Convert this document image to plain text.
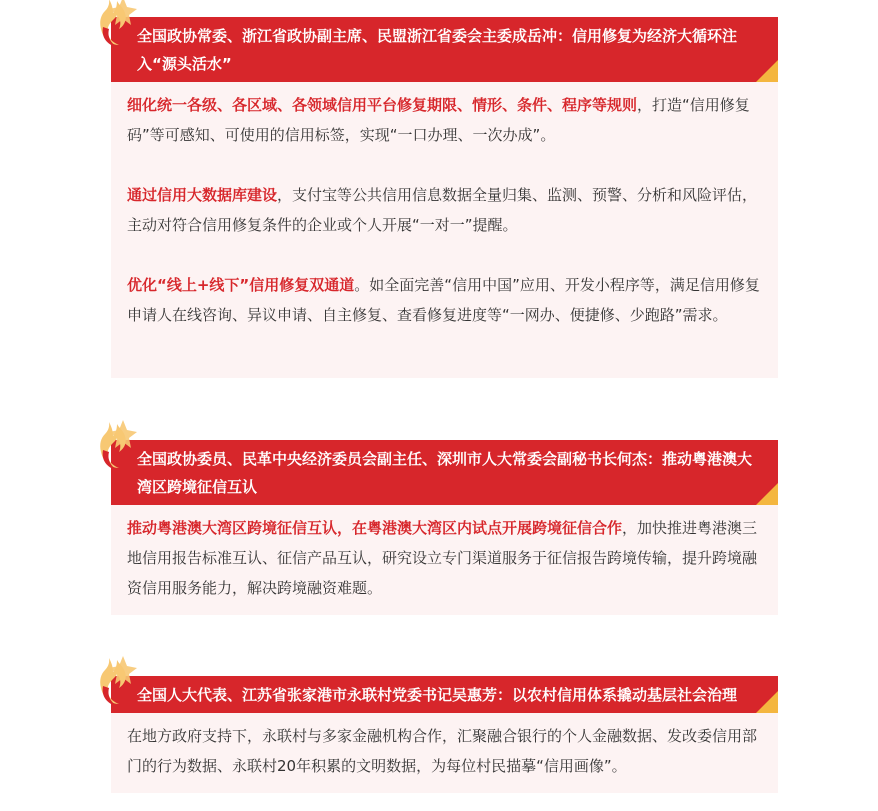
全国政协常委、浙江省政协副主席、民盟浙江省委会主委成岳冲：信用修复为经济大循环注入“源头活水”

细化统一各级、各区域、各领域信用平台修复期限、情形、条件、程序等规则，打造“信用修复码”等可感知、可使用的信用标签，实现“一口办理、一次办成”。

通过信用大数据库建设，支付宝等公共信用信息数据全量归集、监测、预警、分析和风险评估，主动对符合信用修复条件的企业或个人开展“一对一”提醒。

优化“线上+线下”信用修复双通道。如全面完善“信用中国”应用、开发小程序等，满足信用修复申请人在线咨询、异议申请、自主修复、查看修复进度等“一网办、便捷修、少跑路”需求。

全国政协委员、民革中央经济委员会副主任、深圳市人大常委会副秘书长何杰：推动粤港澳大湾区跨境征信互认

推动粤港澳大湾区跨境征信互认，在粤港澳大湾区内试点开展跨境征信合作，加快推进粤港澳三地信用报告标准互认、征信产品互认，研究设立专门渠道服务于征信报告跨境传输，提升跨境融资信用服务能力，解决跨境融资难题。

全国人大代表、江苏省张家港市永联村党委书记吴惠芳：以农村信用体系撬动基层社会治理

在地方政府支持下，永联村与多家金融机构合作，汇聚融合银行的个人金融数据、发改委信用部门的行为数据、永联村20年积累的文明数据，为每位村民描摹“信用画像”。
